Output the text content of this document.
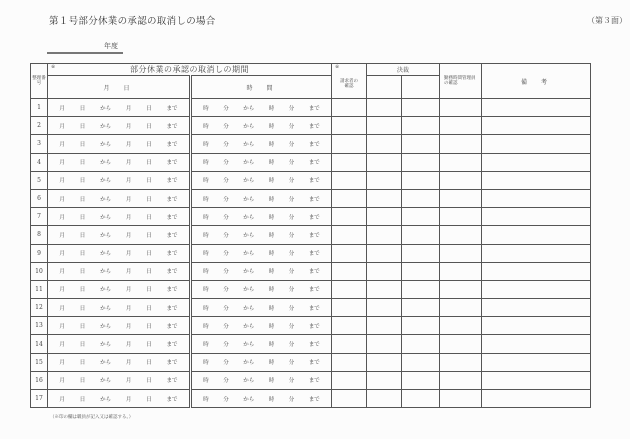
第１号部分休業の承認の取消しの場合	（第３面）
年度
整理番号	※ 部分休業の承認の取消しの期間		※
請求者の確認	決裁		勤務時間管理員の確認	備　考
	月　日	時　間					
1	月	日	から	月	日	まで	時	分	から	時	分	まで

2	月	日	から	月	日	まで	時	分	から	時	分	まで

3	月	日	から	月	日	まで	時	分	から	時	分	まで

4	月	日	から	月	日	まで	時	分	から	時	分	まで

5	月	日	から	月	日	まで	時	分	から	時	分	まで

6	月	日	から	月	日	まで	時	分	から	時	分	まで

7	月	日	から	月	日	まで	時	分	から	時	分	まで

8	月	日	から	月	日	まで	時	分	から	時	分	まで

9	月	日	から	月	日	まで	時	分	から	時	分	まで

10	月	日	から	月	日	まで	時	分	から	時	分	まで

11	月	日	から	月	日	まで	時	分	から	時	分	まで

12	月	日	から	月	日	まで	時	分	から	時	分	まで

13	月	日	から	月	日	まで	時	分	から	時	分	まで

14	月	日	から	月	日	まで	時	分	から	時	分	まで

15	月	日	から	月	日	まで	時	分	から	時	分	まで

16	月	日	から	月	日	まで	時	分	から	時	分	まで

17	月	日	から	月	日	まで	時	分	から	時	分	まで

（※印の欄は職員が記入又は確認する。）
